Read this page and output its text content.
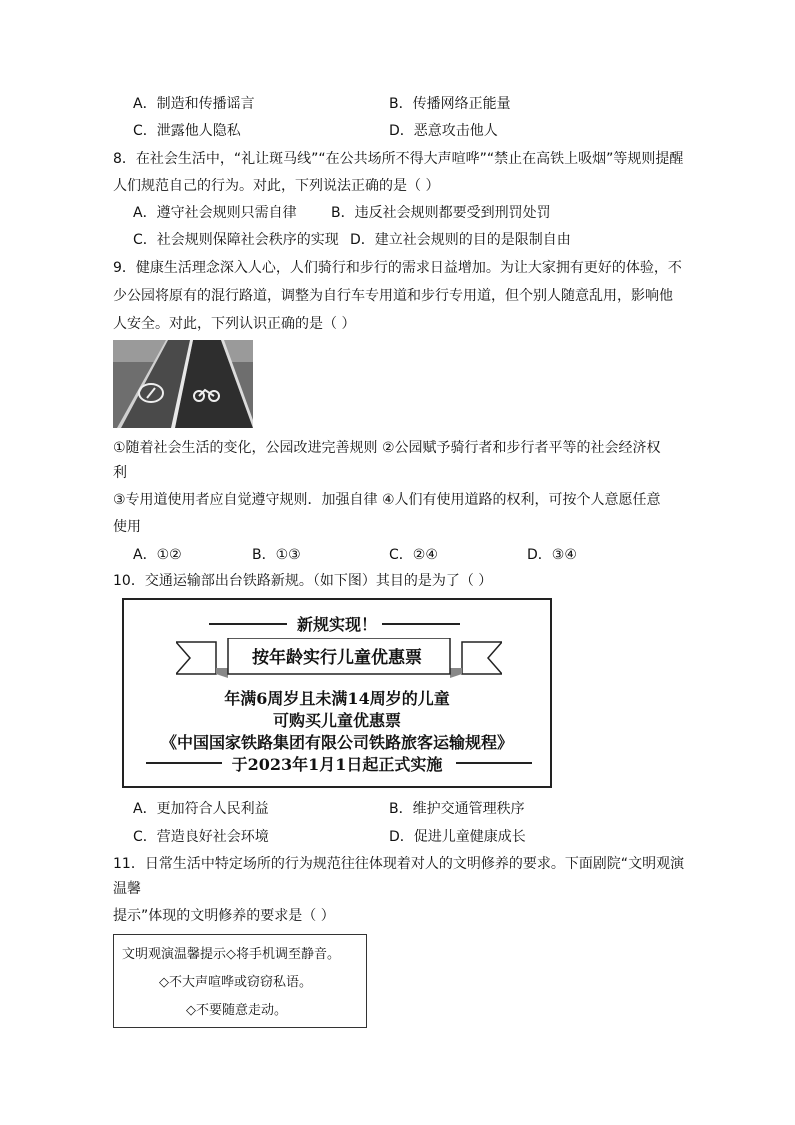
A．制造和传播谣言	B．传播网络正能量
C．泄露他人隐私	D．恶意攻击他人
8．在社会生活中，“礼让斑马线”“在公共场所不得大声喧哗”“禁止在高铁上吸烟”等规则提醒
人们规范自己的行为。对此，下列说法正确的是（ ）
A．遵守社会规则只需自律 B．违反社会规则都要受到刑罚处罚
C．社会规则保障社会秩序的实现 D．建立社会规则的目的是限制自由
9．健康生活理念深入人心，人们骑行和步行的需求日益增加。为让大家拥有更好的体验，不
少公园将原有的混行路道，调整为自行车专用道和步行专用道，但个别人随意乱用，影响他
人安全。对此，下列认识正确的是（ ）
①随着社会生活的变化，公园改进完善规则 ②公园赋予骑行者和步行者平等的社会经济权
利
③专用道使用者应自觉遵守规则．加强自律 ④人们有使用道路的权利，可按个人意愿任意
使用
A．①②	B．①③	C．②④	D．③④
10．交通运输部出台铁路新规。（如下图）其目的是为了（ ）
新规实现！
按年龄实行儿童优惠票
年满6周岁且未满14周岁的儿童
可购买儿童优惠票
《中国国家铁路集团有限公司铁路旅客运输规程》
于2023年1月1日起正式实施
A．更加符合人民利益	B．维护交通管理秩序
C．营造良好社会环境	D．促进儿童健康成长
11．日常生活中特定场所的行为规范往往体现着对人的文明修养的要求。下面剧院“文明观演
温馨
提示”体现的文明修养的要求是（ ）
文明观演温馨提示◇将手机调至静音。
◇不大声喧哗或窃窃私语。
◇不要随意走动。
